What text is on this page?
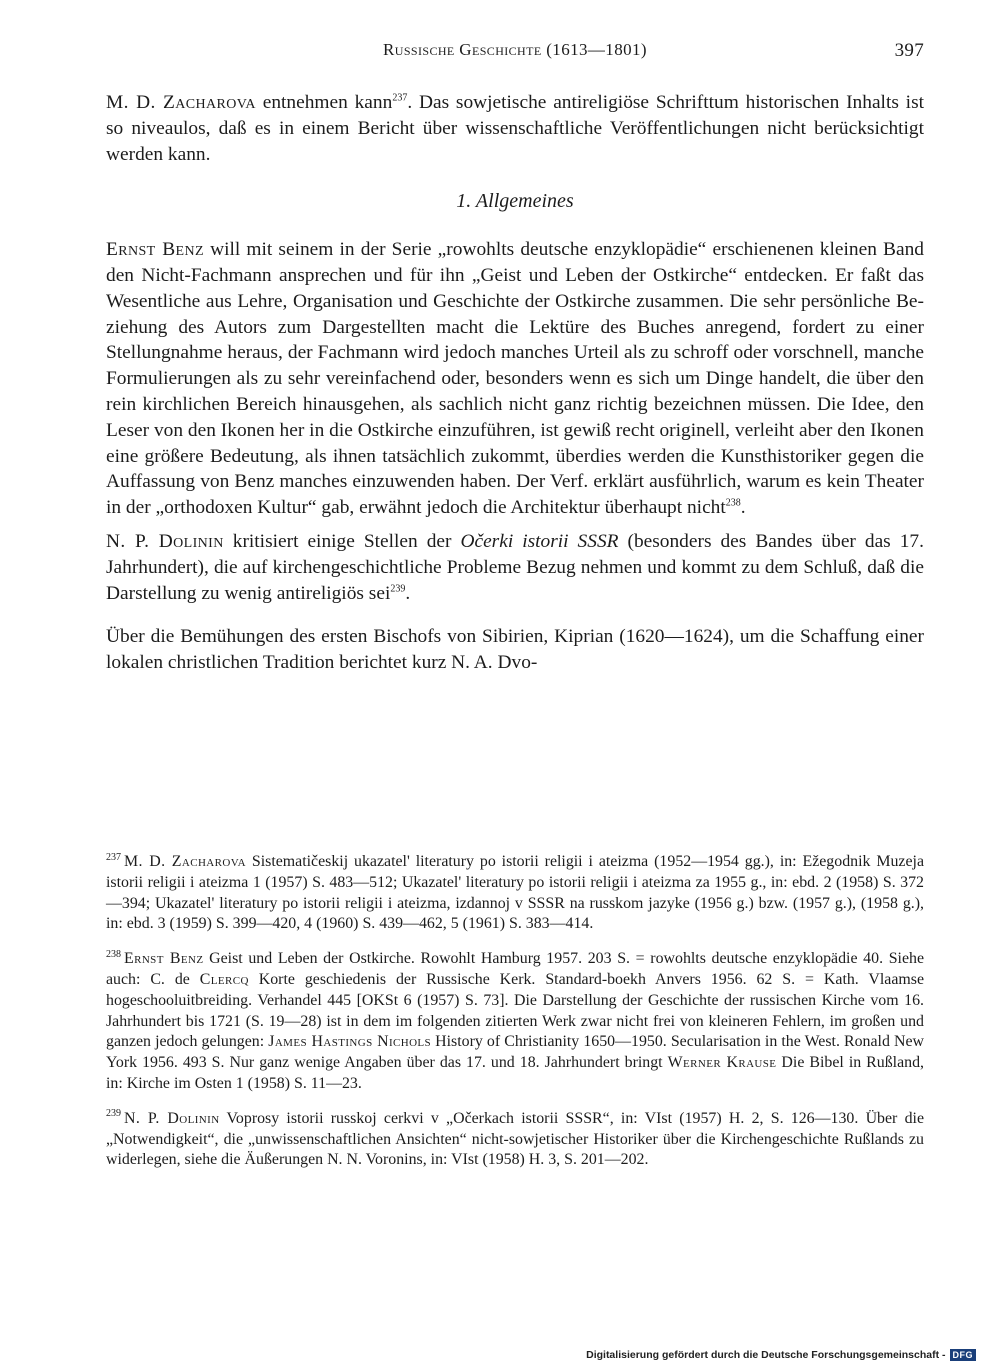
Russische Geschichte (1613—1801)	397

M. D. Zacharova entnehmen kann$^{237}$. Das sowjetische antireligiöse Schrifttum historischen Inhalts ist so niveaulos, daß es in einem Bericht über wissenschaftliche Veröffentlichungen nicht berücksichtigt werden kann.

1. Allgemeines

Ernst Benz will mit seinem in der Serie „rowohlts deutsche enzyklopädie“ erschienenen kleinen Band den Nicht-Fachmann ansprechen und für ihn „Geist und Leben der Ostkirche“ entdecken. Er faßt das Wesentliche aus Lehre, Organisation und Geschichte der Ostkirche zusammen. Die sehr persönliche Beziehung des Autors zum Dargestellten macht die Lektüre des Buches anregend, fordert zu einer Stellungnahme heraus, der Fachmann wird jedoch manches Urteil als zu schroff oder vorschnell, manche Formulierungen als zu sehr vereinfachend oder, besonders wenn es sich um Dinge handelt, die über den rein kirchlichen Bereich hinausgehen, als sachlich nicht ganz richtig bezeichnen müssen. Die Idee, den Leser von den Ikonen her in die Ostkirche einzuführen, ist gewiß recht originell, verleiht aber den Ikonen eine größere Bedeutung, als ihnen tatsächlich zukommt, überdies werden die Kunsthistoriker gegen die Auffassung von Benz manches einzuwenden haben. Der Verf. erklärt ausführlich, warum es kein Theater in der „orthodoxen Kultur“ gab, erwähnt jedoch die Architektur überhaupt nicht$^{238}$.

N. P. Dolinin kritisiert einige Stellen der Očerki istorii SSSR (besonders des Bandes über das 17. Jahrhundert), die auf kirchengeschichtliche Probleme Bezug nehmen und kommt zu dem Schluß, daß die Darstellung zu wenig antireligiös sei$^{239}$.

Über die Bemühungen des ersten Bischofs von Sibirien, Kiprian (1620—1624), um die Schaffung einer lokalen christlichen Tradition berichtet kurz N. A. Dvo-

$^{237}$ M. D. Zacharova Sistematičeskij ukazatel' literatury po istorii religii i ateizma (1952—1954 gg.), in: Ežegodnik Muzeja istorii religii i ateizma 1 (1957) S. 483—512; Ukazatel' literatury po istorii religii i ateizma za 1955 g., in: ebd. 2 (1958) S. 372—394; Ukazatel' literatury po istorii religii i ateizma, izdannoj v SSSR na russkom jazyke (1956 g.) bzw. (1957 g.), (1958 g.), in: ebd. 3 (1959) S. 399—420, 4 (1960) S. 439—462, 5 (1961) S. 383—414.

$^{238}$ Ernst Benz Geist und Leben der Ostkirche. Rowohlt Hamburg 1957. 203 S. = rowohlts deutsche enzyklopädie 40. Siehe auch: C. de Clercq Korte geschiedenis der Russische Kerk. Standard-boekh Anvers 1956. 62 S. = Kath. Vlaamse hogeschooluitbreiding. Verhandel 445 [OKSt 6 (1957) S. 73]. Die Darstellung der Geschichte der russischen Kirche vom 16. Jahrhundert bis 1721 (S. 19—28) ist in dem im folgenden zitierten Werk zwar nicht frei von kleineren Fehlern, im großen und ganzen jedoch gelungen: James Hastings Nichols History of Christianity 1650—1950. Secularisation in the West. Ronald New York 1956. 493 S. Nur ganz wenige Angaben über das 17. und 18. Jahrhundert bringt Werner Krause Die Bibel in Rußland, in: Kirche im Osten 1 (1958) S. 11—23.

$^{239}$ N. P. Dolinin Voprosy istorii russkoj cerkvi v „Očerkach istorii SSSR“, in: VIst (1957) H. 2, S. 126—130. Über die „Notwendigkeit“, die „unwissenschaftlichen Ansichten“ nicht-sowjetischer Historiker über die Kirchengeschichte Rußlands zu widerlegen, siehe die Äußerungen N. N. Voronins, in: VIst (1958) H. 3, S. 201—202.

Digitalisierung gefördert durch die Deutsche Forschungsgemeinschaft - DFG
